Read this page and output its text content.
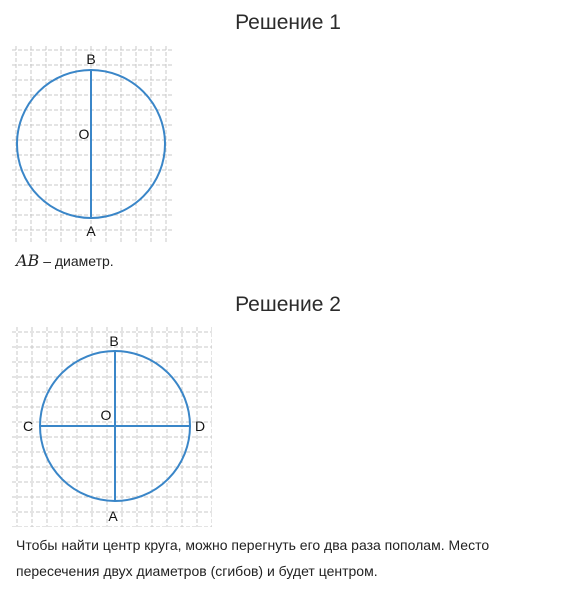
Решение 1
B
O
A
AB – диаметр.
Решение 2
B
O
C	D
A
Чтобы найти центр круга, можно перегнуть его два раза пополам. Место пересечения двух диаметров (сгибов) и будет центром.
